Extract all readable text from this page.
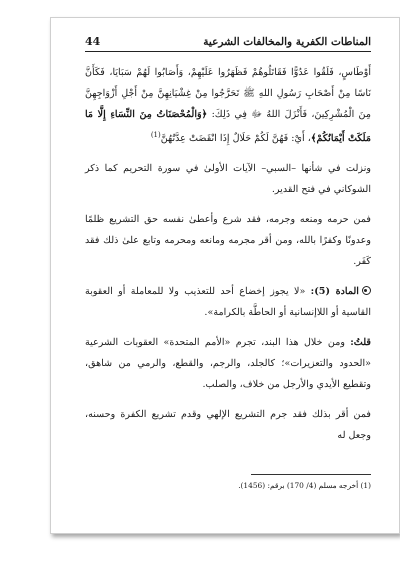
المناطات الكفرية والمخالفات الشرعية
44

أَوْطَاسٍ، فَلَقُوا عَدُوًّا فَقَاتَلُوهُمْ فَظَهَرُوا عَلَيْهِمْ، وَأَصَابُوا لَهُمْ سَبَايَا، فَكَأَنَّ نَاسًا مِنْ أَصْحَابِ رَسُولِ اللهِ ﷺ تَحَرَّجُوا مِنْ غِشْيَانِهِنَّ مِنْ أَجْلِ أَزْوَاجِهِنَّ مِنَ الْمُشْرِكِينَ، فَأَنْزَلَ اللهُ ﷻ فِي ذَلِكَ: ﴿وَالْمُحْصَنَاتُ مِنَ النِّسَاءِ إِلَّا مَا مَلَكَتْ أَيْمَانُكُمْ﴾، أَيْ: فَهُنَّ لَكُمْ حَلَالٌ إِذَا انْقَضَتْ عِدَّتُهُنَّ$^{(1)}$

ونزلت في شأنها –السبي– الآيات الأولىٰ في سورة التحريم كما ذكر الشوكاني في فتح القدير.

فمن حرمه ومنعه وجرمه، فقد شرع وأعطىٰ نفسه حق التشريع ظلمًا وعدونًا وكفرًا بالله، ومن أقر مجرمه ومانعه ومحرمه وتابع علىٰ ذلك فقد كَفَر.

المادة (5): «لا يجوز إخضاع أحد للتعذيب ولا للمعاملة أو العقوبة القاسية أو اللاإنسانية أو الحاطَّة بالكرامة».

قلتُ: ومن خلال هذا البند، تجرم «الأمم المتحدة» العقوبات الشرعية «الحدود والتعزيرات»؛ كالجلد، والرجم، والقطع، والرمي من شاهق، وتقطيع الأيدي والأرجل من خلاف، والصلب.

فمن أقر بذلك فقد جرم التشريع الإلهي وقدم تشريع الكفرة وحسنه، وجعل له

(1) أخرجه مسلم (4/ 170) برقم: (1456).
